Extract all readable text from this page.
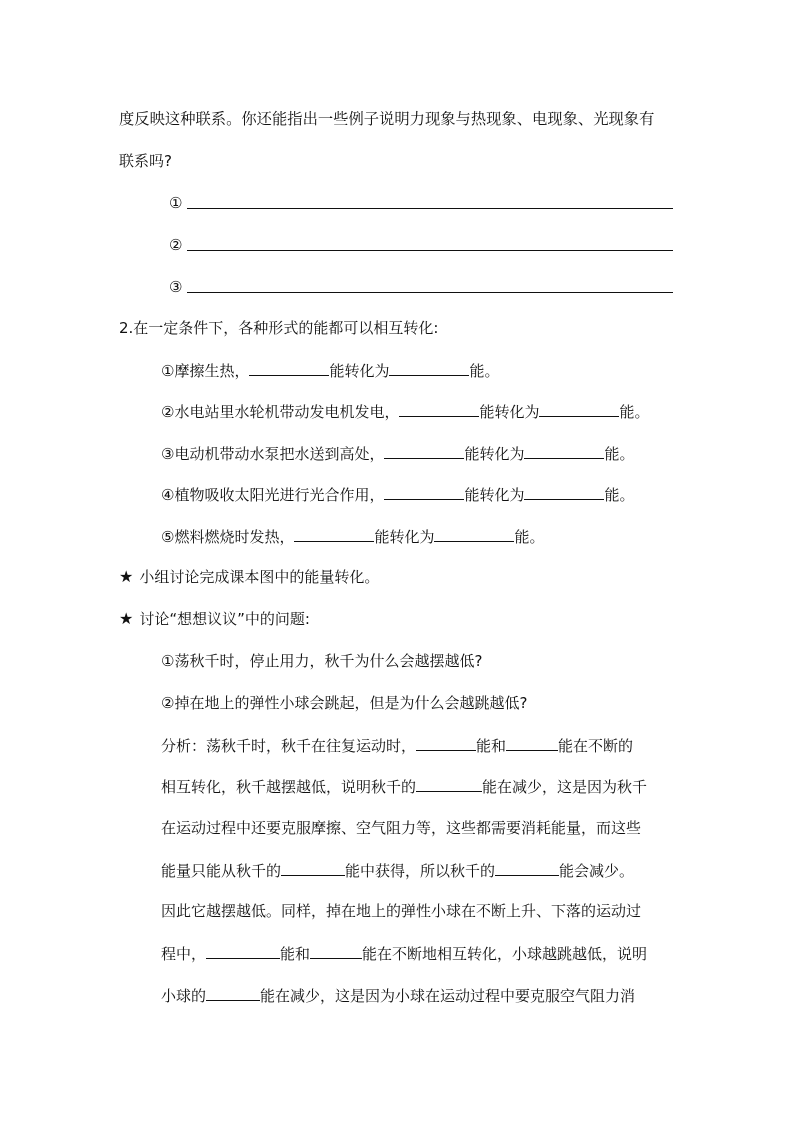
度反映这种联系。你还能指出一些例子说明力现象与热现象、电现象、光现象有
联系吗?
①
②
③
2.在一定条件下，各种形式的能都可以相互转化:
①摩擦生热，	能转化为	能。
②水电站里水轮机带动发电机发电，	能转化为	能。
③电动机带动水泵把水送到高处，	能转化为	能。
④植物吸收太阳光进行光合作用，	能转化为	能。
⑤燃料燃烧时发热，	能转化为	能。
★ 小组讨论完成课本图中的能量转化。
★ 讨论“想想议议”中的问题:
①荡秋千时，停止用力，秋千为什么会越摆越低?
②掉在地上的弹性小球会跳起，但是为什么会越跳越低?
分析：荡秋千时，秋千在往复运动时，	能和	能在不断的
相互转化，秋千越摆越低，说明秋千的	能在减少，这是因为秋千
在运动过程中还要克服摩擦、空气阻力等，这些都需要消耗能量，而这些
能量只能从秋千的	能中获得，所以秋千的	能会减少。
因此它越摆越低。同样，掉在地上的弹性小球在不断上升、下落的运动过
程中，	能和	能在不断地相互转化，小球越跳越低，说明
小球的	能在减少，这是因为小球在运动过程中要克服空气阻力消
